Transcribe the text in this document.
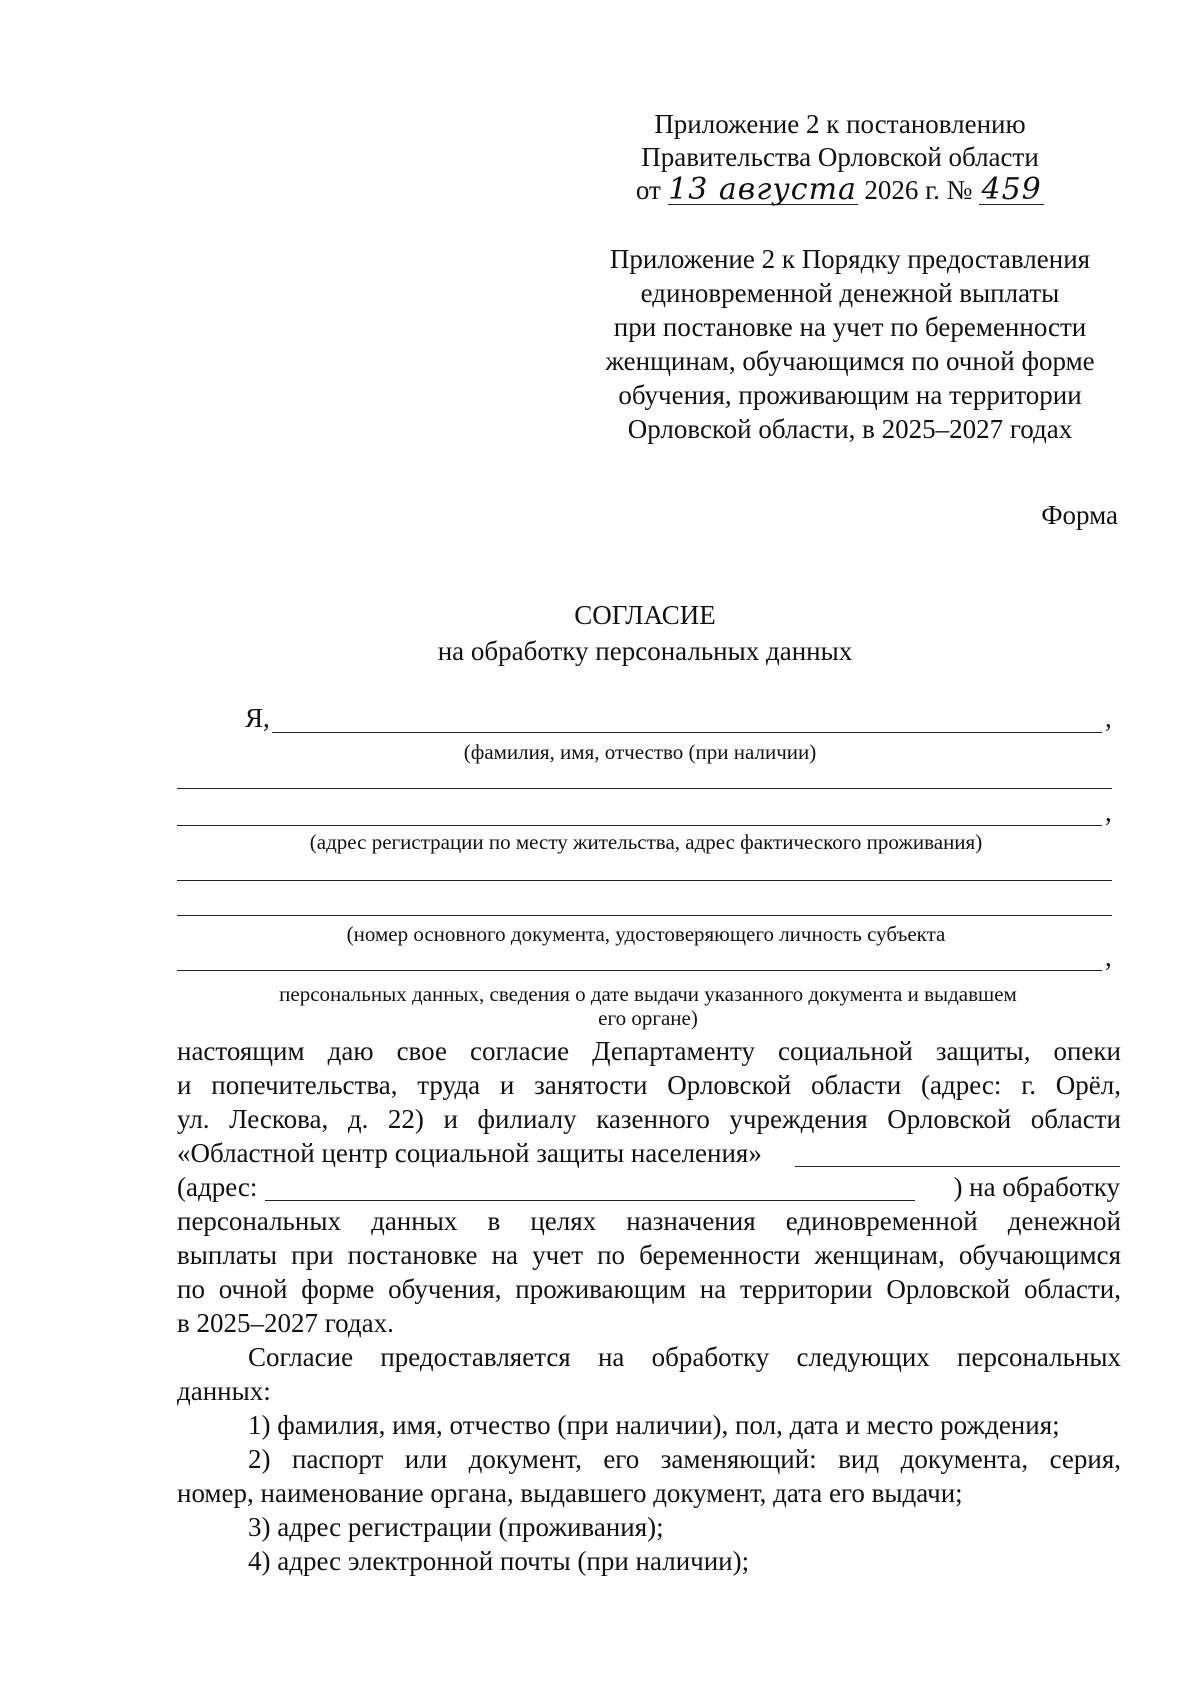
Приложение 2 к постановлению
Правительства Орловской области
от 13 августа 2026 г. № 459
Приложение 2 к Порядку предоставления
единовременной денежной выплаты
при постановке на учет по беременности
женщинам, обучающимся по очной форме
обучения, проживающим на территории
Орловской области, в 2025–2027 годах
Форма
СОГЛАСИЕ
на обработку персональных данных
Я,	,
(фамилия, имя, отчество (при наличии)
,
(адрес регистрации по месту жительства, адрес фактического проживания)
(номер основного документа, удостоверяющего личность субъекта
,
персональных данных, сведения о дате выдачи указанного документа и выдавшем
его органе)
настоящим даю свое согласие Департаменту социальной защиты, опеки
и попечительства, труда и занятости Орловской области (адрес: г. Орёл,
ул. Лескова, д. 22) и филиалу казенного учреждения Орловской области
«Областной центр социальной защиты населения»
(адрес:	) на обработку
персональных данных в целях назначения единовременной денежной
выплаты при постановке на учет по беременности женщинам, обучающимся
по очной форме обучения, проживающим на территории Орловской области,
в 2025–2027 годах.
Согласие предоставляется на обработку следующих персональных
данных:
1) фамилия, имя, отчество (при наличии), пол, дата и место рождения;
2) паспорт или документ, его заменяющий: вид документа, серия,
номер, наименование органа, выдавшего документ, дата его выдачи;
3) адрес регистрации (проживания);
4) адрес электронной почты (при наличии);
